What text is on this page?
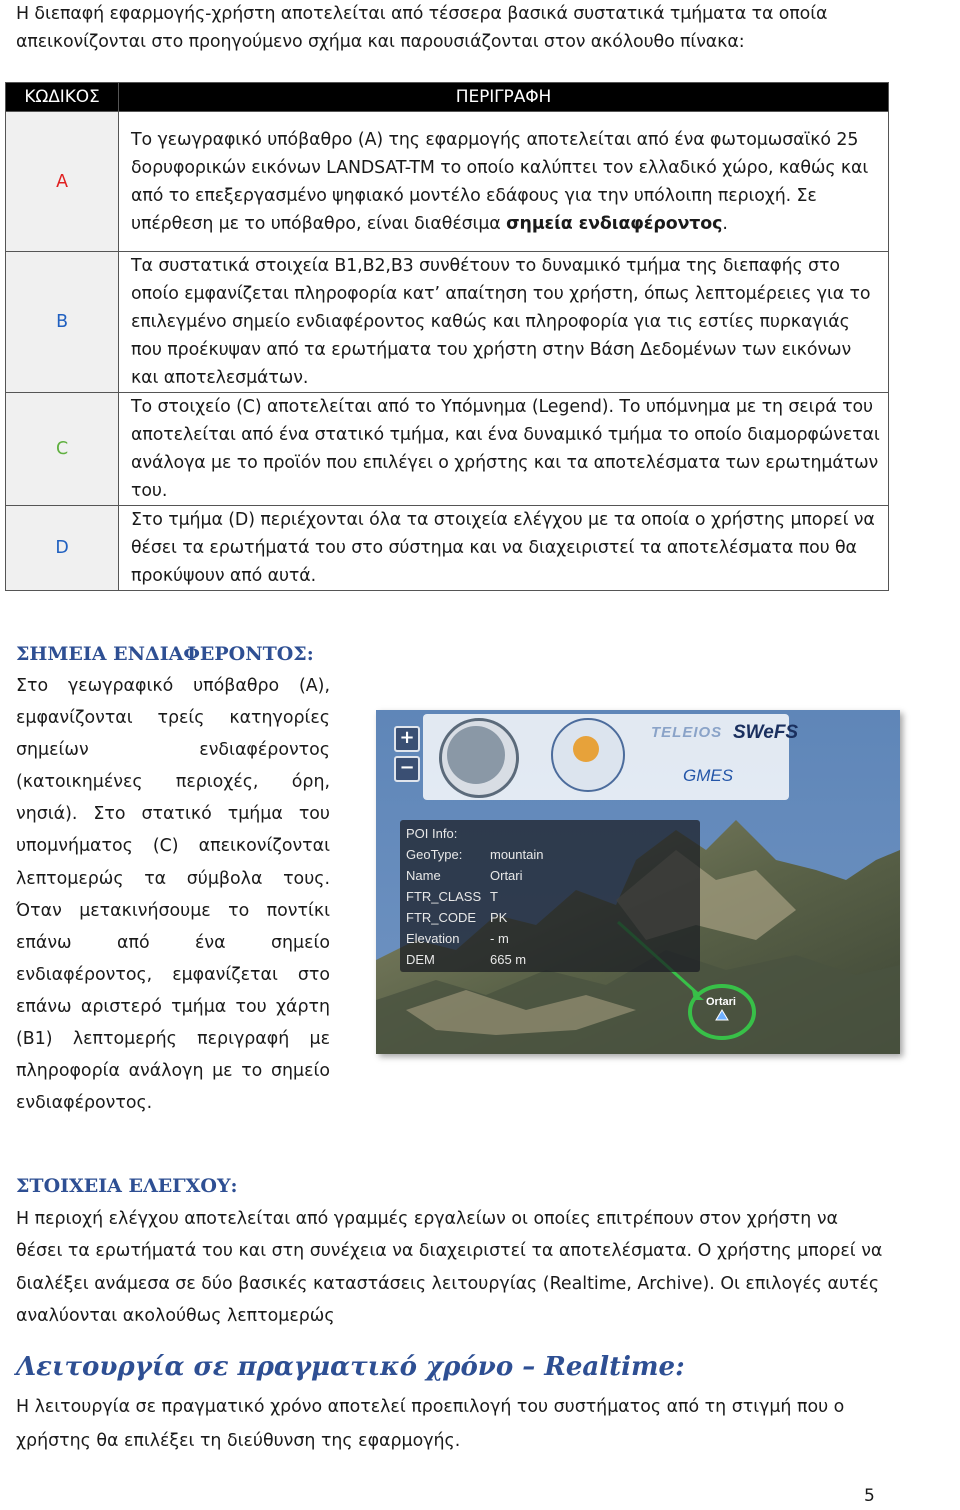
Η διεπαφή εφαρμογής-χρήστη αποτελείται από τέσσερα βασικά συστατικά τμήματα τα οποία απεικονίζονται στο προηγούμενο σχήμα και παρουσιάζονται στον ακόλουθο πίνακα:
ΚΩΔΙΚΟΣ	ΠΕΡΙΓΡΑΦΗ
A	Το γεωγραφικό υπόβαθρο (A) της εφαρμογής αποτελείται από ένα φωτομωσαϊκό 25 δορυφορικών εικόνων LANDSAT-TM το οποίο καλύπτει τον ελλαδικό χώρο, καθώς και από το επεξεργασμένο ψηφιακό μοντέλο εδάφους για την υπόλοιπη περιοχή. Σε υπέρθεση με το υπόβαθρο, είναι διαθέσιμα σημεία ενδιαφέροντος.
B	Τα συστατικά στοιχεία B1,B2,B3 συνθέτουν το δυναμικό τμήμα της διεπαφής στο οποίο εμφανίζεται πληροφορία κατ’ απαίτηση του χρήστη, όπως λεπτομέρειες για το επιλεγμένο σημείο ενδιαφέροντος καθώς και πληροφορία για τις εστίες πυρκαγιάς που προέκυψαν από τα ερωτήματα του χρήστη στην Βάση Δεδομένων των εικόνων και αποτελεσμάτων.
C	Το στοιχείο (C) αποτελείται από το Υπόμνημα (Legend). Το υπόμνημα με τη σειρά του αποτελείται από ένα στατικό τμήμα, και ένα δυναμικό τμήμα το οποίο διαμορφώνεται ανάλογα με το προϊόν που επιλέγει ο χρήστης και τα αποτελέσματα των ερωτημάτων του.
D	Στο τμήμα (D) περιέχονται όλα τα στοιχεία ελέγχου με τα οποία ο χρήστης μπορεί να θέσει τα ερωτήματά του στο σύστημα και να διαχειριστεί τα αποτελέσματα που θα προκύψουν από αυτά.
ΣΗΜΕΙΑ ΕΝΔΙΑΦΕΡΟΝΤΟΣ:
Στο γεωγραφικό υπόβαθρο (A), εμφανίζονται τρείς κατηγορίες σημείων ενδιαφέροντος (κατοικημένες περιοχές, όρη, νησιά). Στο στατικό τμήμα του υπομνήματος (C) απεικονίζονται λεπτομερώς τα σύμβολα τους. Όταν μετακινήσουμε το ποντίκι επάνω από ένα σημείο ενδιαφέροντος, εμφανίζεται στο επάνω αριστερό τμήμα του χάρτη (B1) λεπτομερής περιγραφή με πληροφορία ανάλογη με το σημείο ενδιαφέροντος.
+
−
TELEIOS SWeFS
GMES
POI Info:
GeoType: mountain
Name	Ortari
FTR_CLASS T
FTR_CODE PK
Elevation - m
DEM	665 m
Ortari
ΣΤΟΙΧΕΙΑ ΕΛΕΓΧΟΥ:
Η περιοχή ελέγχου αποτελείται από γραμμές εργαλείων οι οποίες επιτρέπουν στον χρήστη να θέσει τα ερωτήματά του και στη συνέχεια να διαχειριστεί τα αποτελέσματα. Ο χρήστης μπορεί να διαλέξει ανάμεσα σε δύο βασικές καταστάσεις λειτουργίας (Realtime, Archive). Οι επιλογές αυτές αναλύονται ακολούθως λεπτομερώς
Λειτουργία σε πραγματικό χρόνο – Realtime:
Η λειτουργία σε πραγματικό χρόνο αποτελεί προεπιλογή του συστήματος από τη στιγμή που ο χρήστης θα επιλέξει τη διεύθυνση της εφαρμογής.
5
